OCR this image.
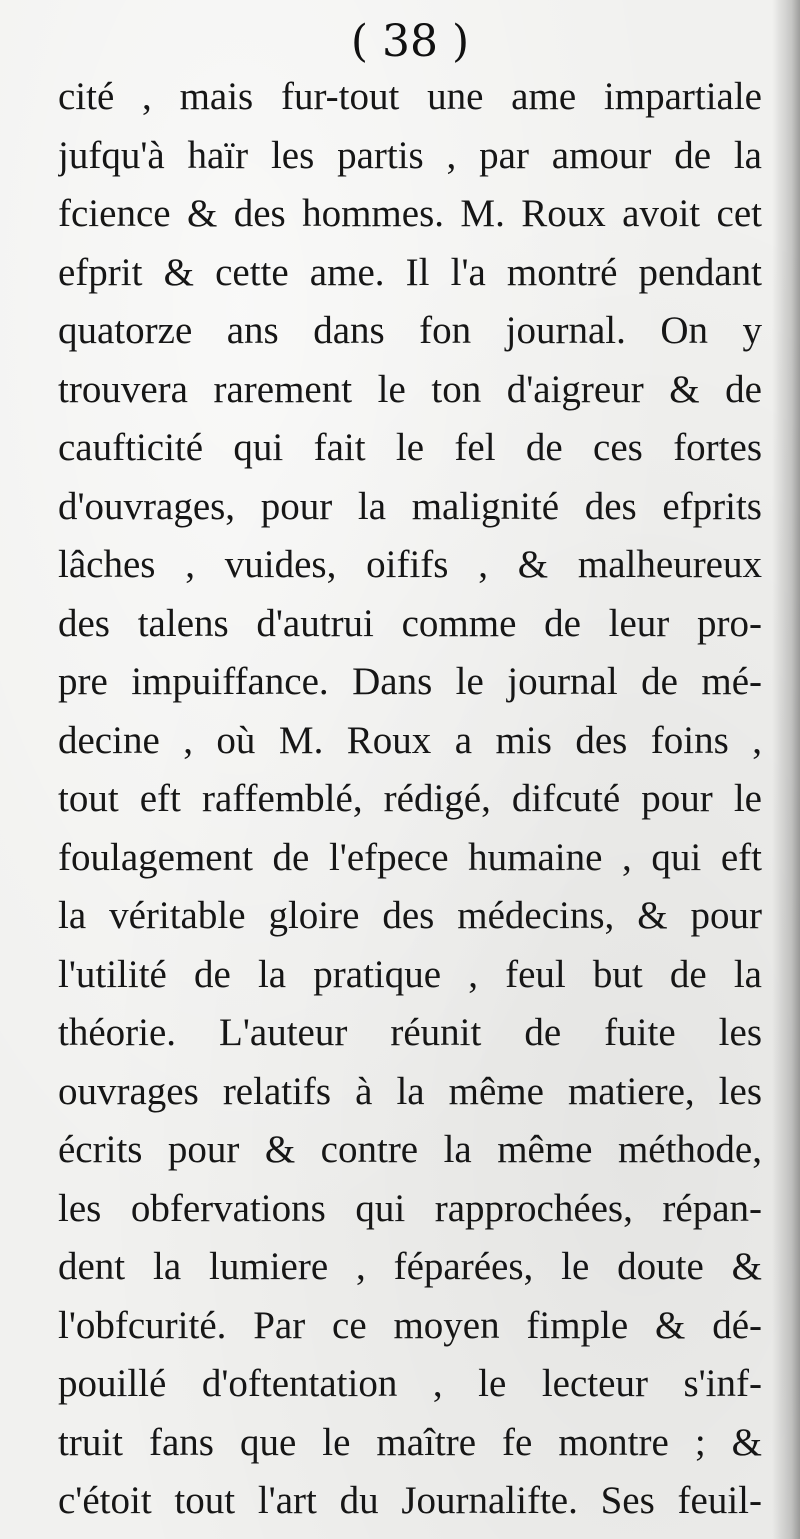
( 38 )
cité , mais fur-tout une ame impartiale
jufqu'à haïr les partis , par amour de la
fcience & des hommes. M. Roux avoit cet
efprit & cette ame. Il l'a montré pendant
quatorze ans dans fon journal. On y
trouvera rarement le ton d'aigreur & de
caufticité qui fait le fel de ces fortes
d'ouvrages, pour la malignité des efprits
lâches , vuides, oififs , & malheureux
des talens d'autrui comme de leur pro-
pre impuiffance. Dans le journal de mé-
decine , où M. Roux a mis des foins ,
tout eft raffemblé, rédigé, difcuté pour le
foulagement de l'efpece humaine , qui eft
la véritable gloire des médecins, & pour
l'utilité de la pratique , feul but de la
théorie. L'auteur réunit de fuite les
ouvrages relatifs à la même matiere, les
écrits pour & contre la même méthode,
les obfervations qui rapprochées, répan-
dent la lumiere , féparées, le doute &
l'obfcurité. Par ce moyen fimple & dé-
pouillé d'oftentation , le lecteur s'inf-
truit fans que le maître fe montre ; &
c'étoit tout l'art du Journalifte. Ses feuil-
